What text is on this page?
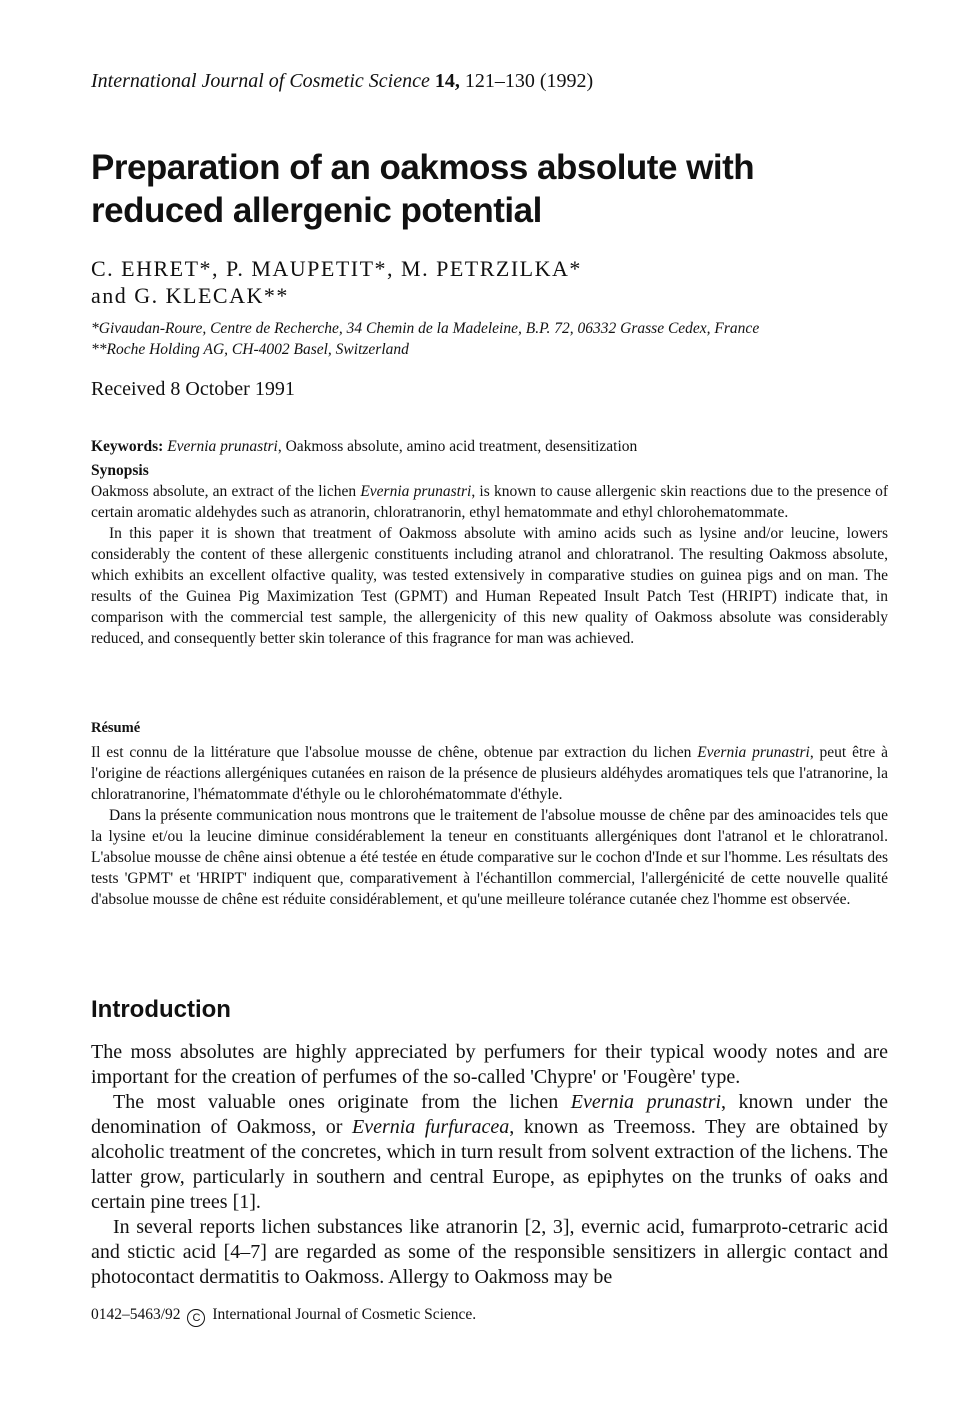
International Journal of Cosmetic Science 14, 121–130 (1992)
Preparation of an oakmoss absolute with reduced allergenic potential
C. EHRET*, P. MAUPETIT*, M. PETRZILKA*
and G. KLECAK**
*Givaudan-Roure, Centre de Recherche, 34 Chemin de la Madeleine, B.P. 72, 06332 Grasse Cedex, France
**Roche Holding AG, CH-4002 Basel, Switzerland
Received 8 October 1991
Keywords: Evernia prunastri, Oakmoss absolute, amino acid treatment, desensitization
Synopsis

Oakmoss absolute, an extract of the lichen Evernia prunastri, is known to cause allergenic skin reactions due to the presence of certain aromatic aldehydes such as atranorin, chloratranorin, ethyl hematommate and ethyl chlorohematommate.

In this paper it is shown that treatment of Oakmoss absolute with amino acids such as lysine and/or leucine, lowers considerably the content of these allergenic constituents including atranol and chloratranol. The resulting Oakmoss absolute, which exhibits an excellent olfactive quality, was tested extensively in comparative studies on guinea pigs and on man. The results of the Guinea Pig Maximization Test (GPMT) and Human Repeated Insult Patch Test (HRIPT) indicate that, in comparison with the commercial test sample, the allergenicity of this new quality of Oakmoss absolute was considerably reduced, and consequently better skin tolerance of this fragrance for man was achieved.

Résumé

Il est connu de la littérature que l'absolue mousse de chêne, obtenue par extraction du lichen Evernia prunastri, peut être à l'origine de réactions allergéniques cutanées en raison de la présence de plusieurs aldéhydes aromatiques tels que l'atranorine, la chloratranorine, l'hématommate d'éthyle ou le chlorohématommate d'éthyle.

Dans la présente communication nous montrons que le traitement de l'absolue mousse de chêne par des aminoacides tels que la lysine et/ou la leucine diminue considérablement la teneur en constituants allergéniques dont l'atranol et le chloratranol. L'absolue mousse de chêne ainsi obtenue a été testée en étude comparative sur le cochon d'Inde et sur l'homme. Les résultats des tests 'GPMT' et 'HRIPT' indiquent que, comparativement à l'échantillon commercial, l'allergénicité de cette nouvelle qualité d'absolue mousse de chêne est réduite considérablement, et qu'une meilleure tolérance cutanée chez l'homme est observée.

Introduction

The moss absolutes are highly appreciated by perfumers for their typical woody notes and are important for the creation of perfumes of the so-called 'Chypre' or 'Fougère' type.

The most valuable ones originate from the lichen Evernia prunastri, known under the denomination of Oakmoss, or Evernia furfuracea, known as Treemoss. They are obtained by alcoholic treatment of the concretes, which in turn result from solvent extraction of the lichens. The latter grow, particularly in southern and central Europe, as epiphytes on the trunks of oaks and certain pine trees [1].

In several reports lichen substances like atranorin [2, 3], evernic acid, fumarproto-cetraric acid and stictic acid [4–7] are regarded as some of the responsible sensitizers in allergic contact and photocontact dermatitis to Oakmoss. Allergy to Oakmoss may be

0142–5463/92 C International Journal of Cosmetic Science.
